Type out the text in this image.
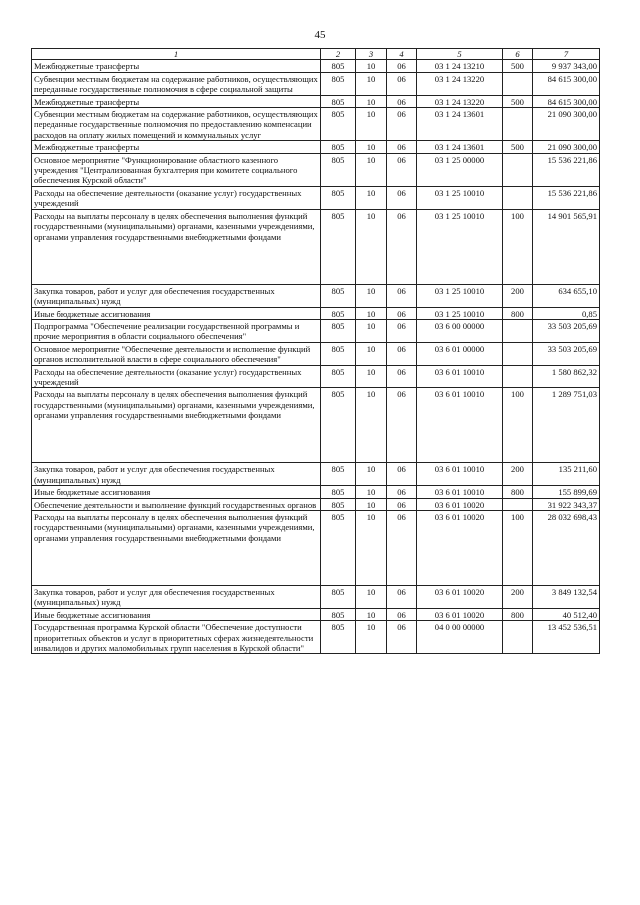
45
1	2	3	4	5	6	7
Межбюджетные трансферты	805	10	06	03 1 24 13210	500	9 937 343,00
Субвенции местным бюджетам на содержание работников, осуществляющих переданные государственные полномочия в сфере социальной защиты	805	10	06	03 1 24 13220		84 615 300,00
Межбюджетные трансферты	805	10	06	03 1 24 13220	500	84 615 300,00
Субвенции местным бюджетам на содержание работников, осуществляющих переданные государственные полномочия по предоставлению компенсации расходов на оплату жилых помещений и коммунальных услуг	805	10	06	03 1 24 13601		21 090 300,00
Межбюджетные трансферты	805	10	06	03 1 24 13601	500	21 090 300,00
Основное мероприятие "Функционирование областного казенного учреждения "Централизованная бухгалтерия при комитете социального обеспечения Курской области"	805	10	06	03 1 25 00000		15 536 221,86
Расходы на обеспечение деятельности (оказание услуг) государственных учреждений	805	10	06	03 1 25 10010		15 536 221,86
Расходы на выплаты персоналу в целях обеспечения выполнения функций государственными (муниципальными) органами, казенными учреждениями, органами управления государственными внебюджетными фондами	805	10	06	03 1 25 10010	100	14 901 565,91
Закупка товаров, работ и услуг для обеспечения государственных (муниципальных) нужд	805	10	06	03 1 25 10010	200	634 655,10
Иные бюджетные ассигнования	805	10	06	03 1 25 10010	800	0,85
Подпрограмма "Обеспечение реализации государственной программы и прочие мероприятия в области социального обеспечения"	805	10	06	03 6 00 00000		33 503 205,69
Основное мероприятие "Обеспечение деятельности и исполнение функций органов исполнительной власти в сфере социального обеспечения"	805	10	06	03 6 01 00000		33 503 205,69
Расходы на обеспечение деятельности (оказание услуг) государственных учреждений	805	10	06	03 6 01 10010		1 580 862,32
Расходы на выплаты персоналу в целях обеспечения выполнения функций государственными (муниципальными) органами, казенными учреждениями, органами управления государственными внебюджетными фондами	805	10	06	03 6 01 10010	100	1 289 751,03
Закупка товаров, работ и услуг для обеспечения государственных (муниципальных) нужд	805	10	06	03 6 01 10010	200	135 211,60
Иные бюджетные ассигнования	805	10	06	03 6 01 10010	800	155 899,69
Обеспечение деятельности и выполнение функций государственных органов	805	10	06	03 6 01 10020		31 922 343,37
Расходы на выплаты персоналу в целях обеспечения выполнения функций государственными (муниципальными) органами, казенными учреждениями, органами управления государственными внебюджетными фондами	805	10	06	03 6 01 10020	100	28 032 698,43
Закупка товаров, работ и услуг для обеспечения государственных (муниципальных) нужд	805	10	06	03 6 01 10020	200	3 849 132,54
Иные бюджетные ассигнования	805	10	06	03 6 01 10020	800	40 512,40
Государственная программа Курской области "Обеспечение доступности приоритетных объектов и услуг в приоритетных сферах жизнедеятельности инвалидов и других маломобильных групп населения в Курской области"	805	10	06	04 0 00 00000		13 452 536,51
